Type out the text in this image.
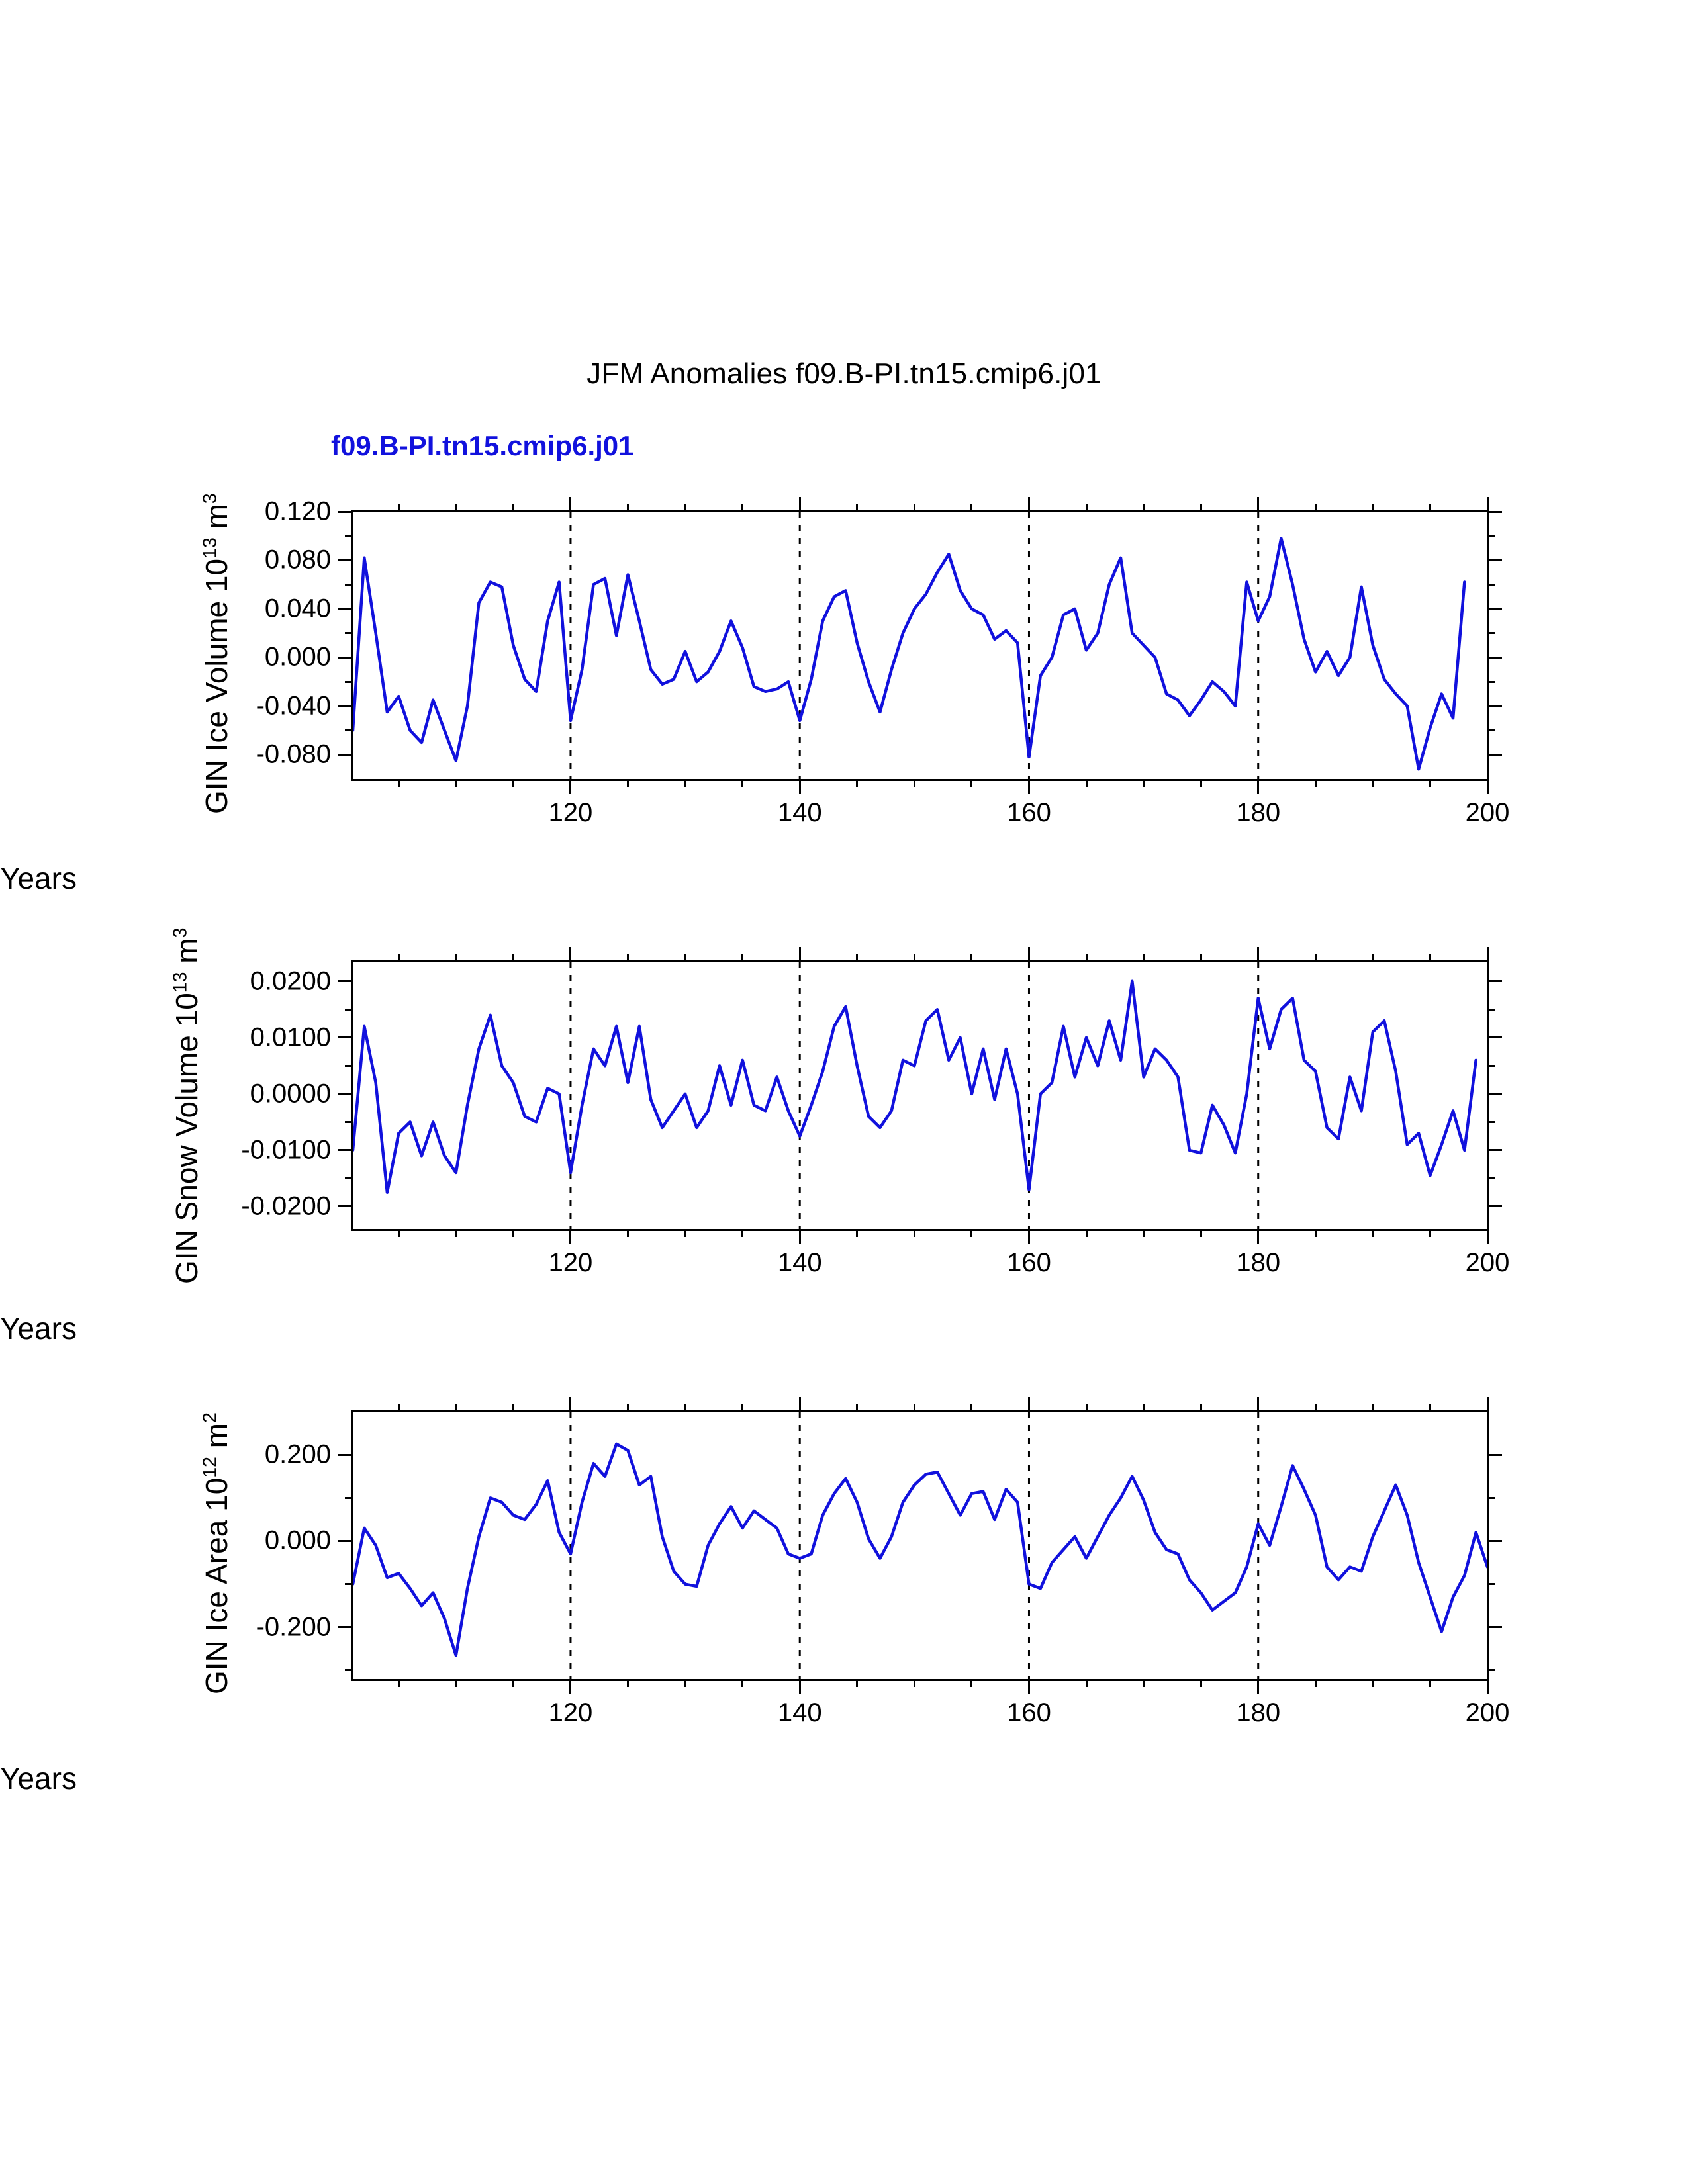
JFM Anomalies f09.B-PI.tn15.cmip6.j01
f09.B-PI.tn15.cmip6.j01
120	140	160	180	200
-0.080
-0.040
0.000
0.040
0.080
0.120
Years
GIN Ice Volume $10^{13}$ $m^3$
120	140	160	180	200
-0.0200
-0.0100
0.0000
0.0100
0.0200
Years
GIN Snow Volume $10^{13}$ $m^3$
120	140	160	180	200
-0.200
0.000
0.200
Years
GIN Ice Area $10^{12}$ $m^2$
